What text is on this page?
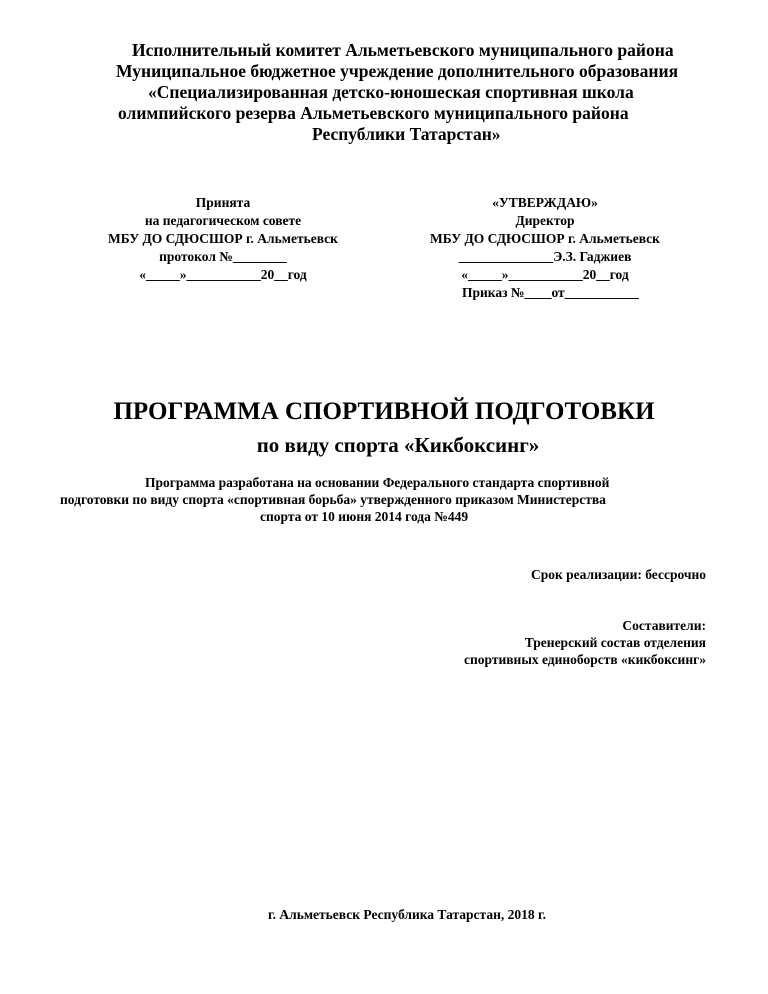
Исполнительный комитет Альметьевского муниципального района
Муниципальное бюджетное учреждение дополнительного образования
«Специализированная детско-юношеская спортивная школа
олимпийского резерва Альметьевского муниципального района
Республики Татарстан»
Принята
на педагогическом совете
МБУ ДО СДЮСШОР г. Альметьевск
протокол №________
«_____»___________20__год
«УТВЕРЖДАЮ»
Директор
МБУ ДО СДЮСШОР г. Альметьевск
______________Э.З. Гаджиев
«_____»___________20__год
Приказ №____от___________
ПРОГРАММА СПОРТИВНОЙ ПОДГОТОВКИ
по виду спорта «Кикбоксинг»
Программа разработана на основании Федерального стандарта спортивной
подготовки по виду спорта «спортивная борьба» утвержденного приказом Министерства
спорта от 10 июня 2014 года №449
Срок реализации: бессрочно
Составители:
Тренерский состав отделения
спортивных единоборств «кикбоксинг»
г. Альметьевск Республика Татарстан, 2018 г.
